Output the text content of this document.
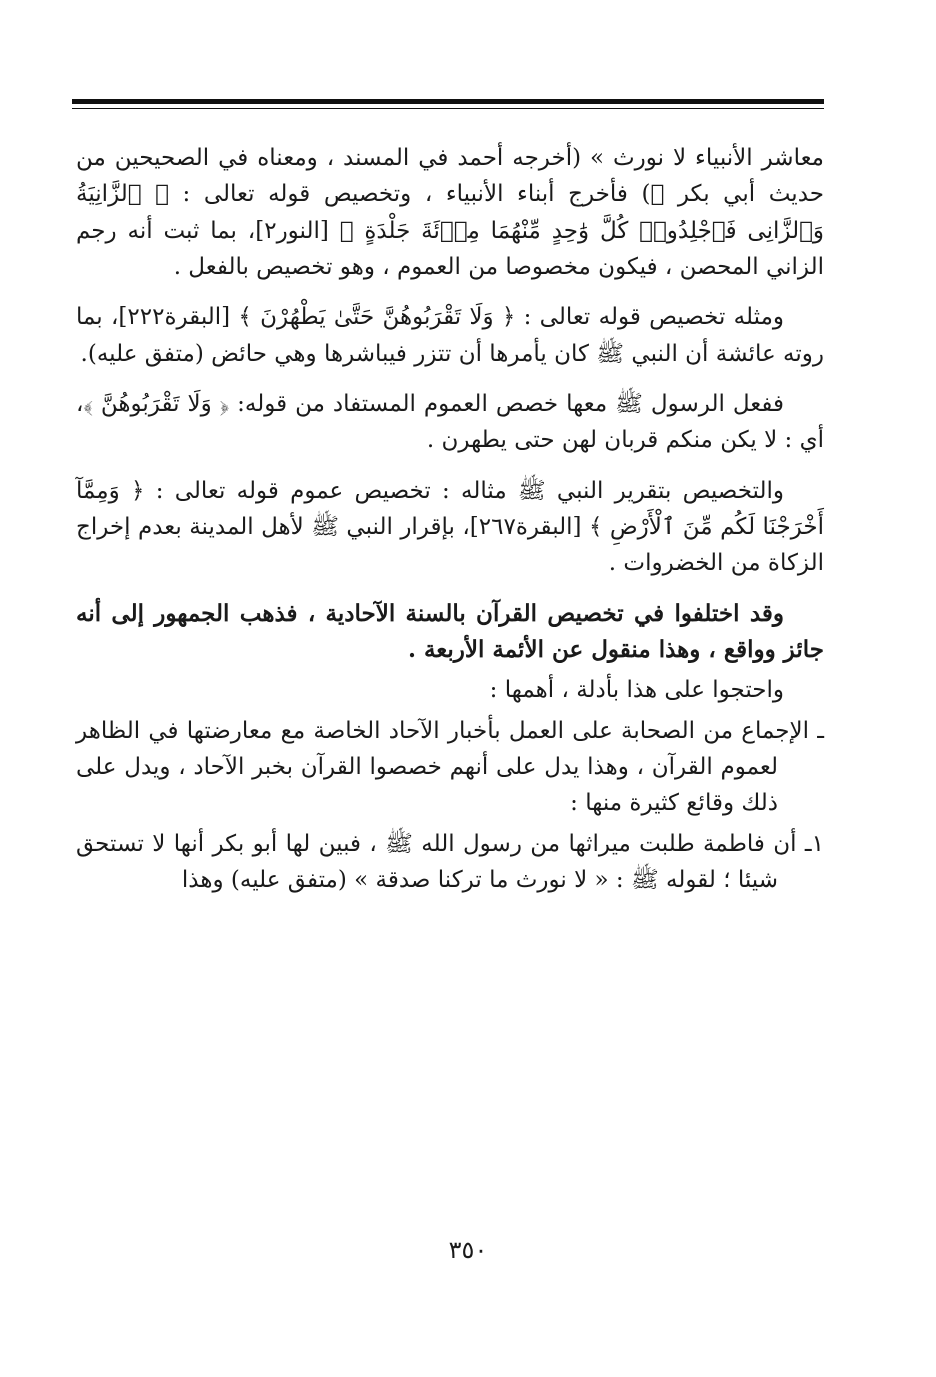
معاشر الأنبياء لا نورث » (أخرجه أحمد في المسند ، ومعناه في الصحيحين من حديث أبي بكر ﷺ) فأخرج أبناء الأنبياء ، وتخصيص قوله تعالى : ﴿ ٱلزَّانِيَةُ وَٱلزَّانِى فَٱجْلِدُوا۟ كُلَّ وَٰحِدٍ مِّنْهُمَا مِا۟ئَةَ جَلْدَةٍ ﴾ [النور٢]، بما ثبت أنه رجم الزاني المحصن ، فيكون مخصوصا من العموم ، وهو تخصيص بالفعل .

ومثله تخصيص قوله تعالى : ﴿ وَلَا تَقْرَبُوهُنَّ حَتَّىٰ يَطْهُرْنَ ﴾ [البقرة٢٢٢]، بما روته عائشة أن النبي ﷺ كان يأمرها أن تتزر فيباشرها وهي حائض (متفق عليه).

ففعل الرسول ﷺ معها خصص العموم المستفاد من قوله: ﴿ وَلَا تَقْرَبُوهُنَّ ﴾، أي : لا يكن منكم قربان لهن حتى يطهرن .

والتخصيص بتقرير النبي ﷺ مثاله : تخصيص عموم قوله تعالى : ﴿ وَمِمَّآ أَخْرَجْنَا لَكُم مِّنَ ٱلْأَرْضِ ﴾ [البقرة٢٦٧]، بإقرار النبي ﷺ لأهل المدينة بعدم إخراج الزكاة من الخضروات .

وقد اختلفوا في تخصيص القرآن بالسنة الآحادية ، فذهب الجمهور إلى أنه جائز وواقع ، وهذا منقول عن الأئمة الأربعة .

واحتجوا على هذا بأدلة ، أهمها :

ـ الإجماع من الصحابة على العمل بأخبار الآحاد الخاصة مع معارضتها في الظاهر لعموم القرآن ، وهذا يدل على أنهم خصصوا القرآن بخبر الآحاد ، ويدل على ذلك وقائع كثيرة منها :

١ـ أن فاطمة طلبت ميراثها من رسول الله ﷺ ، فبين لها أبو بكر أنها لا تستحق شيئا ؛ لقوله ﷺ : « لا نورث ما تركنا صدقة » (متفق عليه) وهذا

٣٥٠
